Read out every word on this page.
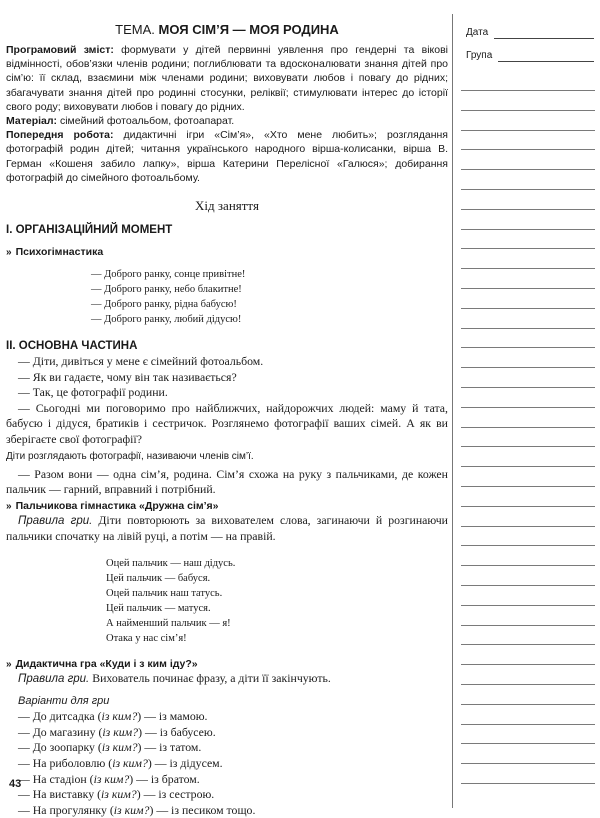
ТЕМА. МОЯ СІМ’Я — МОЯ РОДИНА

Програмовий зміст: формувати у дітей первинні уявлення про гендерні та вікові відмінності, обов’язки членів родини; поглиблювати та вдосконалювати знання дітей про сім’ю: її склад, взаємини між членами родини; виховувати любов і повагу до рідних; збагачувати знання дітей про родинні стосунки, реліквії; стимулювати інтерес до історії свого роду; виховувати любов і повагу до рідних.

Матеріал: сімейний фотоальбом, фотоапарат.

Попередня робота: дидактичні ігри «Сім’я», «Хто мене любить»; розглядання фотографій родин дітей; читання українського народного вірша-колисанки, вірша В. Герман «Кошеня забило лапку», вірша Катерини Перелісної «Галюся»; добирання фотографій до сімейного фотоальбому.

Хід заняття
І. ОРГАНІЗАЦІЙНИЙ МОМЕНТ
» Психогімнастика
— Доброго ранку, сонце привітне!
— Доброго ранку, небо блакитне!
— Доброго ранку, рідна бабусю!
— Доброго ранку, любий дідусю!
ІІ. ОСНОВНА ЧАСТИНА

— Діти, дивіться у мене є сімейний фотоальбом.

— Як ви гадаєте, чому він так називається?

— Так, це фотографії родини.

— Сьогодні ми поговоримо про найближчих, найдорожчих людей: маму й тата, бабусю і дідуся, братиків і сестричок. Розглянемо фотографії ваших сімей. А як ви зберігаєте свої фотографії?

Діти розглядають фотографії, називаючи членів сім’ї.

— Разом вони — одна сім’я, родина. Сім’я схожа на руку з пальчиками, де кожен пальчик — гарний, вправний і потрібний.

» Пальчикова гімнастика «Дружна сім’я»

Правила гри. Діти повторюють за вихователем слова, загинаючи й розгинаючи пальчики спочатку на лівій руці, а потім — на правій.

Оцей пальчик — наш дідусь.
Цей пальчик — бабуся.
Оцей пальчик наш татусь.
Цей пальчик — матуся.
А найменший пальчик — я!
Отака у нас сім’я!
» Дидактична гра «Куди і з ким іду?»

Правила гри. Вихователь починає фразу, а діти її закінчують.

Варіанти для гри

— До дитсадка (із ким?) — із мамою.

— До магазину (із ким?) — із бабусею.

— До зоопарку (із ким?) — із татом.

— На риболовлю (із ким?) — із дідусем.

— На стадіон (із ким?) — із братом.

— На виставку (із ким?) — із сестрою.

— На прогулянку (із ким?) — із песиком тощо.

43
Дата
Група
